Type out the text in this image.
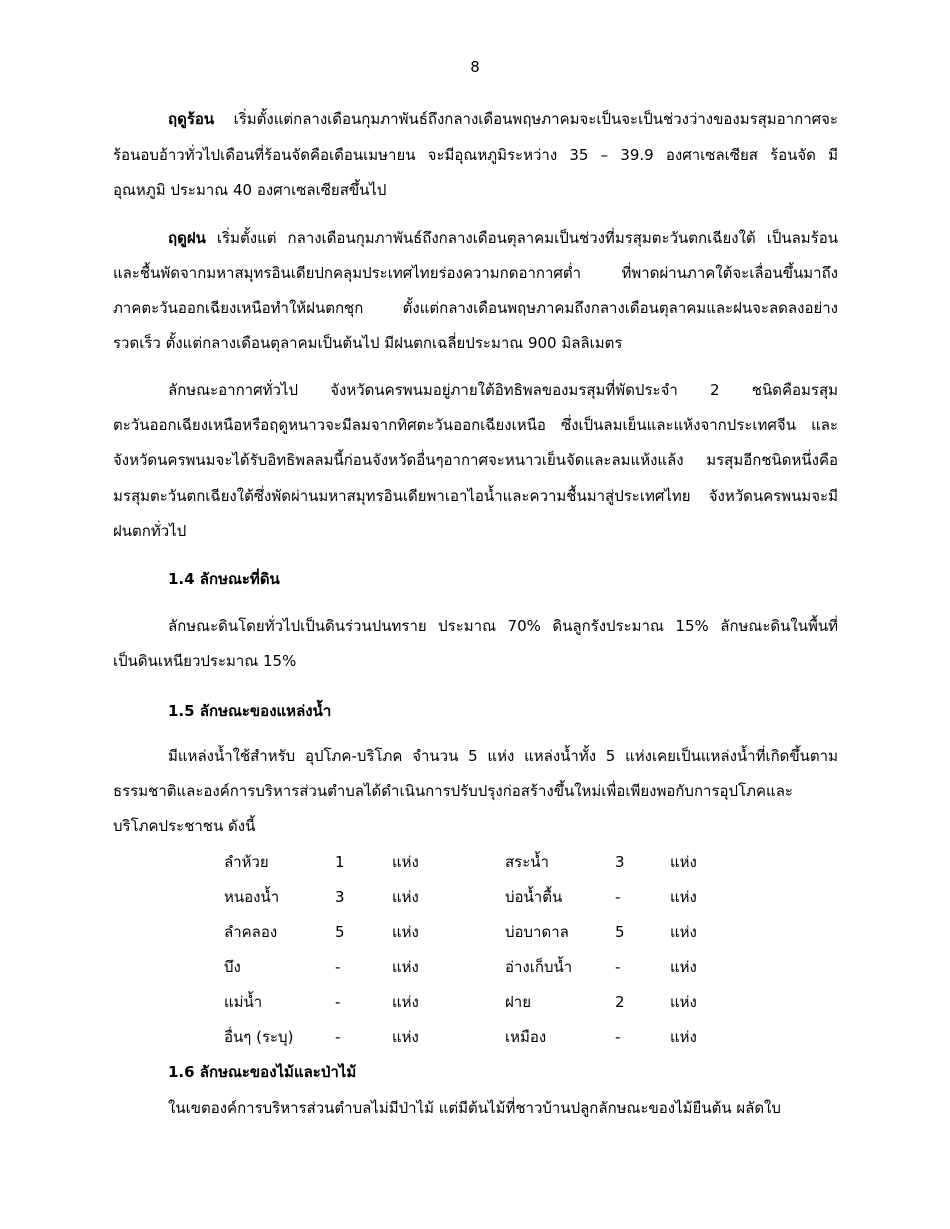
8
ฤดูร้อน เริ่มตั้งแต่กลางเดือนกุมภาพันธ์ถึงกลางเดือนพฤษภาคมจะเป็นจะเป็นช่วงว่างของมรสุมอากาศจะ
ร้อนอบอ้าวทั่วไปเดือนที่ร้อนจัดคือเดือนเมษายน จะมีอุณหภูมิระหว่าง 35 – 39.9 องศาเซลเซียส ร้อนจัด มี
อุณหภูมิ ประมาณ 40 องศาเซลเซียสขึ้นไป
ฤดูฝน เริ่มตั้งแต่ กลางเดือนกุมภาพันธ์ถึงกลางเดือนตุลาคมเป็นช่วงที่มรสุมตะวันตกเฉียงใต้ เป็นลมร้อน
และชื้นพัดจากมหาสมุทรอินเดียปกคลุมประเทศไทยร่องความกดอากาศต่ำ ที่พาดผ่านภาคใต้จะเลื่อนขึ้นมาถึง
ภาคตะวันออกเฉียงเหนือทำให้ฝนตกชุก ตั้งแต่กลางเดือนพฤษภาคมถึงกลางเดือนตุลาคมและฝนจะลดลงอย่าง
รวดเร็ว ตั้งแต่กลางเดือนตุลาคมเป็นต้นไป มีฝนตกเฉลี่ยประมาณ 900 มิลลิเมตร
ลักษณะอากาศทั่วไป จังหวัดนครพนมอยู่ภายใต้อิทธิพลของมรสุมที่พัดประจำ 2 ชนิดคือมรสุม
ตะวันออกเฉียงเหนือหรือฤดูหนาวจะมีลมจากทิศตะวันออกเฉียงเหนือ ซึ่งเป็นลมเย็นและแห้งจากประเทศจีน และ
จังหวัดนครพนมจะได้รับอิทธิพลลมนี้ก่อนจังหวัดอื่นๆอากาศจะหนาวเย็นจัดและลมแห้งแล้ง มรสุมอีกชนิดหนึ่งคือ
มรสุมตะวันตกเฉียงใต้ซึ่งพัดผ่านมหาสมุทรอินเดียพาเอาไอน้ำและความชื้นมาสู่ประเทศไทย จังหวัดนครพนมจะมี
ฝนตกทั่วไป
1.4 ลักษณะที่ดิน
ลักษณะดินโดยทั่วไปเป็นดินร่วนปนทราย ประมาณ 70% ดินลูกรังประมาณ 15% ลักษณะดินในพื้นที่
เป็นดินเหนียวประมาณ 15%
1.5 ลักษณะของแหล่งน้ำ
มีแหล่งน้ำใช้สำหรับ อุปโภค-บริโภค จำนวน 5 แห่ง แหล่งน้ำทั้ง 5 แห่งเคยเป็นแหล่งน้ำที่เกิดขึ้นตาม
ธรรมชาติและองค์การบริหารส่วนตำบลได้ดำเนินการปรับปรุงก่อสร้างขึ้นใหม่เพื่อเพียงพอกับการอุปโภคและ
บริโภคประชาชน ดังนี้
ลำห้วย	1	แห่ง	สระน้ำ	3	แห่ง
หนองน้ำ	3	แห่ง	บ่อน้ำตื้น	-	แห่ง
ลำคลอง	5	แห่ง	บ่อบาดาล	5	แห่ง
บึง	-	แห่ง	อ่างเก็บน้ำ	-	แห่ง
แม่น้ำ	-	แห่ง	ฝาย	2	แห่ง
อื่นๆ (ระบุ)	-	แห่ง	เหมือง	-	แห่ง
1.6 ลักษณะของไม้และป่าไม้
ในเขตองค์การบริหารส่วนตำบลไม่มีป่าไม้ แต่มีต้นไม้ที่ชาวบ้านปลูกลักษณะของไม้ยืนต้น ผลัดใบ
